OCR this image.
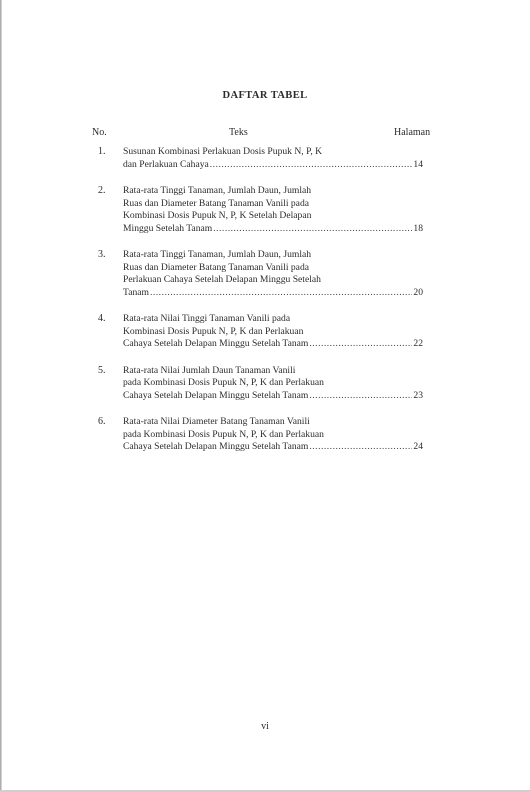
DAFTAR TABEL
No.	Teks	Halaman
1. Susunan Kombinasi Perlakuan Dosis Pupuk N, P, K
dan Perlakuan Cahaya .....	14
2. Rata-rata Tinggi Tanaman, Jumlah Daun, Jumlah
Ruas dan Diameter Batang Tanaman Vanili pada
Kombinasi Dosis Pupuk N, P, K Setelah Delapan
Minggu Setelah Tanam .....	18
3. Rata-rata Tinggi Tanaman, Jumlah Daun, Jumlah
Ruas dan Diameter Batang Tanaman Vanili pada
Perlakuan Cahaya Setelah Delapan Minggu Setelah
Tanam .....	20
4. Rata-rata Nilai Tinggi Tanaman Vanili pada
Kombinasi Dosis Pupuk N, P, K dan Perlakuan
Cahaya Setelah Delapan Minggu Setelah Tanam .....	22
5. Rata-rata Nilai Jumlah Daun Tanaman Vanili
pada Kombinasi Dosis Pupuk N, P, K dan Perlakuan
Cahaya Setelah Delapan Minggu Setelah Tanam .....	23
6. Rata-rata Nilai Diameter Batang Tanaman Vanili
pada Kombinasi Dosis Pupuk N, P, K dan Perlakuan
Cahaya Setelah Delapan Minggu Setelah Tanam .....	24
vi
